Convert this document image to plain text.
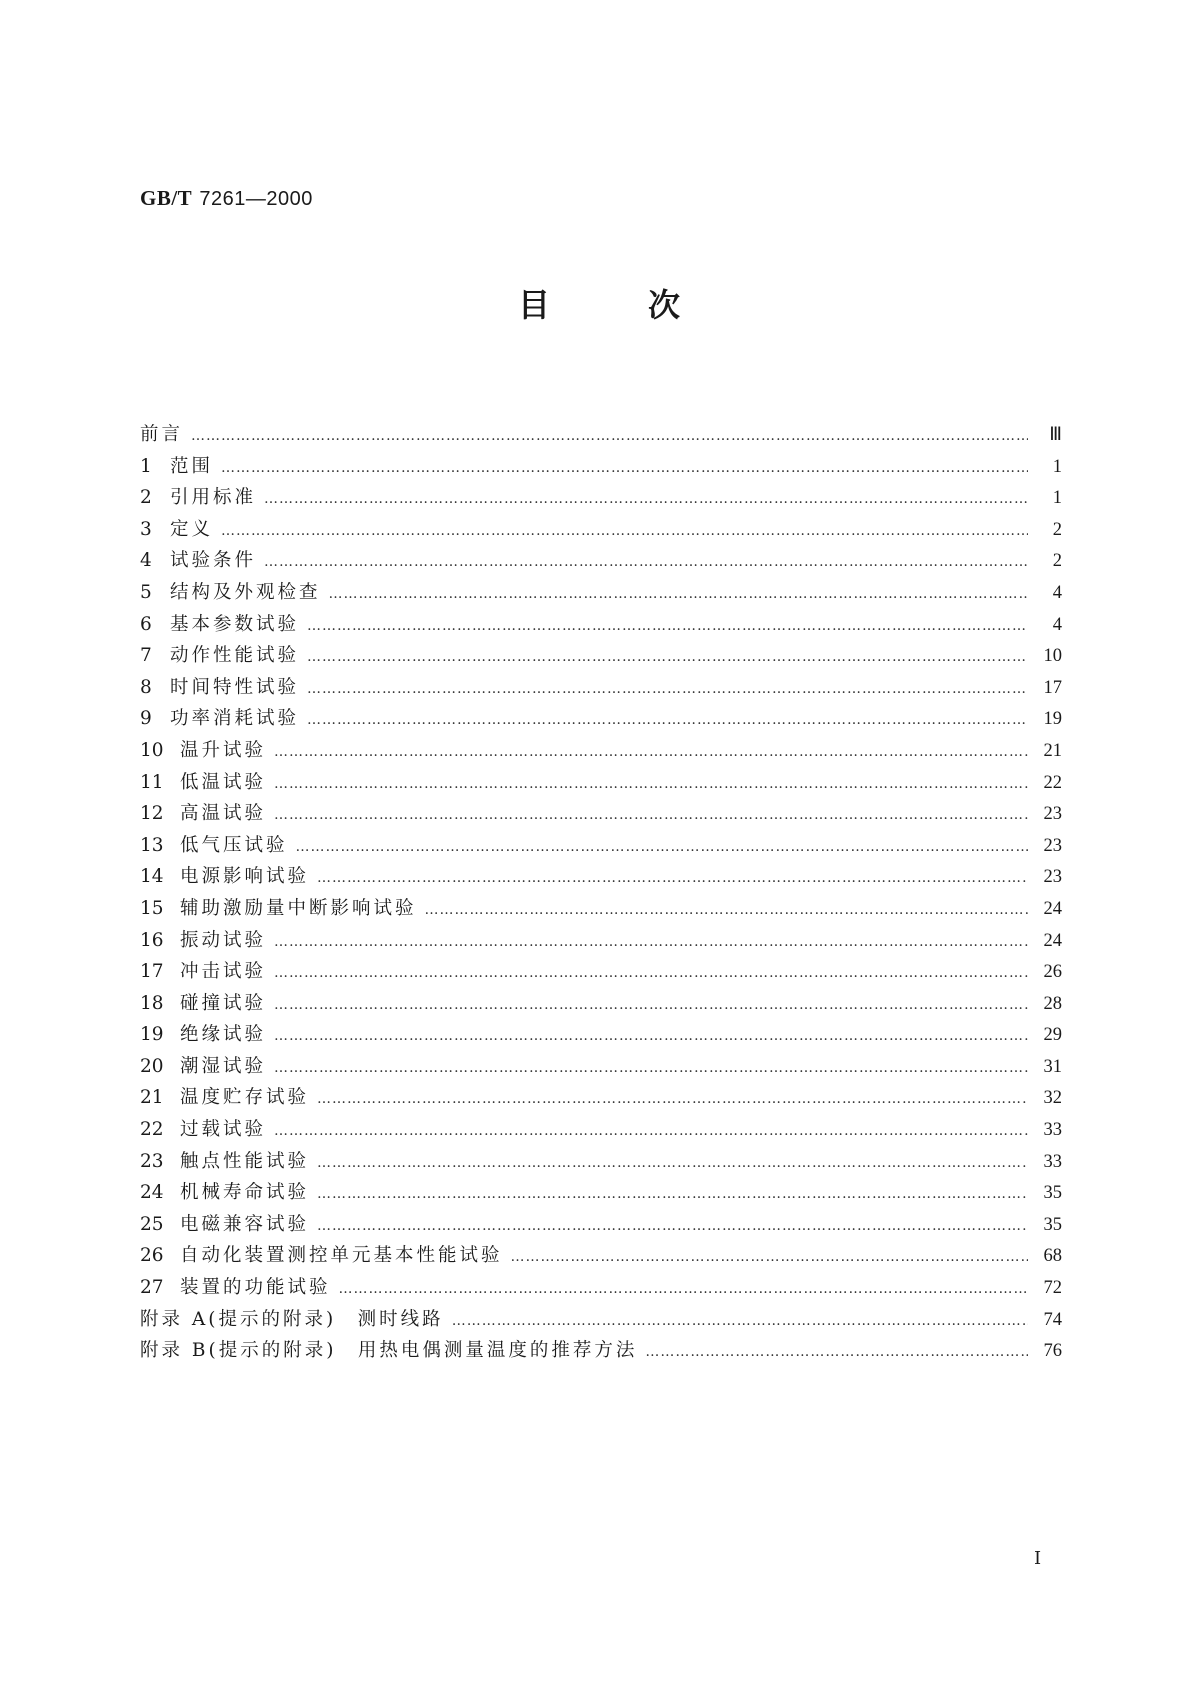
GB/T 7261—2000
目	次
前言 ……………………………………………………………………………………………………………………………………………………………………………………………………………………………………	Ⅲ
1 范围 ……………………………………………………………………………………………………………………………………………………………………………………………………………………………………	1
2 引用标准 ……………………………………………………………………………………………………………………………………………………………………………………………………………………………………	1
3 定义 ……………………………………………………………………………………………………………………………………………………………………………………………………………………………………	2
4 试验条件 ……………………………………………………………………………………………………………………………………………………………………………………………………………………………………	2
5 结构及外观检查 ……………………………………………………………………………………………………………………………………………………………………………………………………………………………………	4
6 基本参数试验 ……………………………………………………………………………………………………………………………………………………………………………………………………………………………………	4
7 动作性能试验 ……………………………………………………………………………………………………………………………………………………………………………………………………………………………………	10
8 时间特性试验 ……………………………………………………………………………………………………………………………………………………………………………………………………………………………………	17
9 功率消耗试验 ……………………………………………………………………………………………………………………………………………………………………………………………………………………………………	19
10 温升试验 ……………………………………………………………………………………………………………………………………………………………………………………………………………………………………	21
11 低温试验 ……………………………………………………………………………………………………………………………………………………………………………………………………………………………………	22
12 高温试验 ……………………………………………………………………………………………………………………………………………………………………………………………………………………………………	23
13 低气压试验 ……………………………………………………………………………………………………………………………………………………………………………………………………………………………………	23
14 电源影响试验 ……………………………………………………………………………………………………………………………………………………………………………………………………………………………………	23
15 辅助激励量中断影响试验 ……………………………………………………………………………………………………………………………………………………………………………………………………………………………………	24
16 振动试验 ……………………………………………………………………………………………………………………………………………………………………………………………………………………………………	24
17 冲击试验 ……………………………………………………………………………………………………………………………………………………………………………………………………………………………………	26
18 碰撞试验 ……………………………………………………………………………………………………………………………………………………………………………………………………………………………………	28
19 绝缘试验 ……………………………………………………………………………………………………………………………………………………………………………………………………………………………………	29
20 潮湿试验 ……………………………………………………………………………………………………………………………………………………………………………………………………………………………………	31
21 温度贮存试验 ……………………………………………………………………………………………………………………………………………………………………………………………………………………………………	32
22 过载试验 ……………………………………………………………………………………………………………………………………………………………………………………………………………………………………	33
23 触点性能试验 ……………………………………………………………………………………………………………………………………………………………………………………………………………………………………	33
24 机械寿命试验 ……………………………………………………………………………………………………………………………………………………………………………………………………………………………………	35
25 电磁兼容试验 ……………………………………………………………………………………………………………………………………………………………………………………………………………………………………	35
26 自动化装置测控单元基本性能试验 ……………………………………………………………………………………………………………………………………………………………………………………………………………………………………	68
27 装置的功能试验 ……………………………………………………………………………………………………………………………………………………………………………………………………………………………………	72
附录 A(提示的附录)　测时线路 ……………………………………………………………………………………………………………………………………………………………………………………………………………………………………	74
附录 B(提示的附录)　用热电偶测量温度的推荐方法 ……………………………………………………………………………………………………………………………………………………………………………………………………………………………………	76
I
